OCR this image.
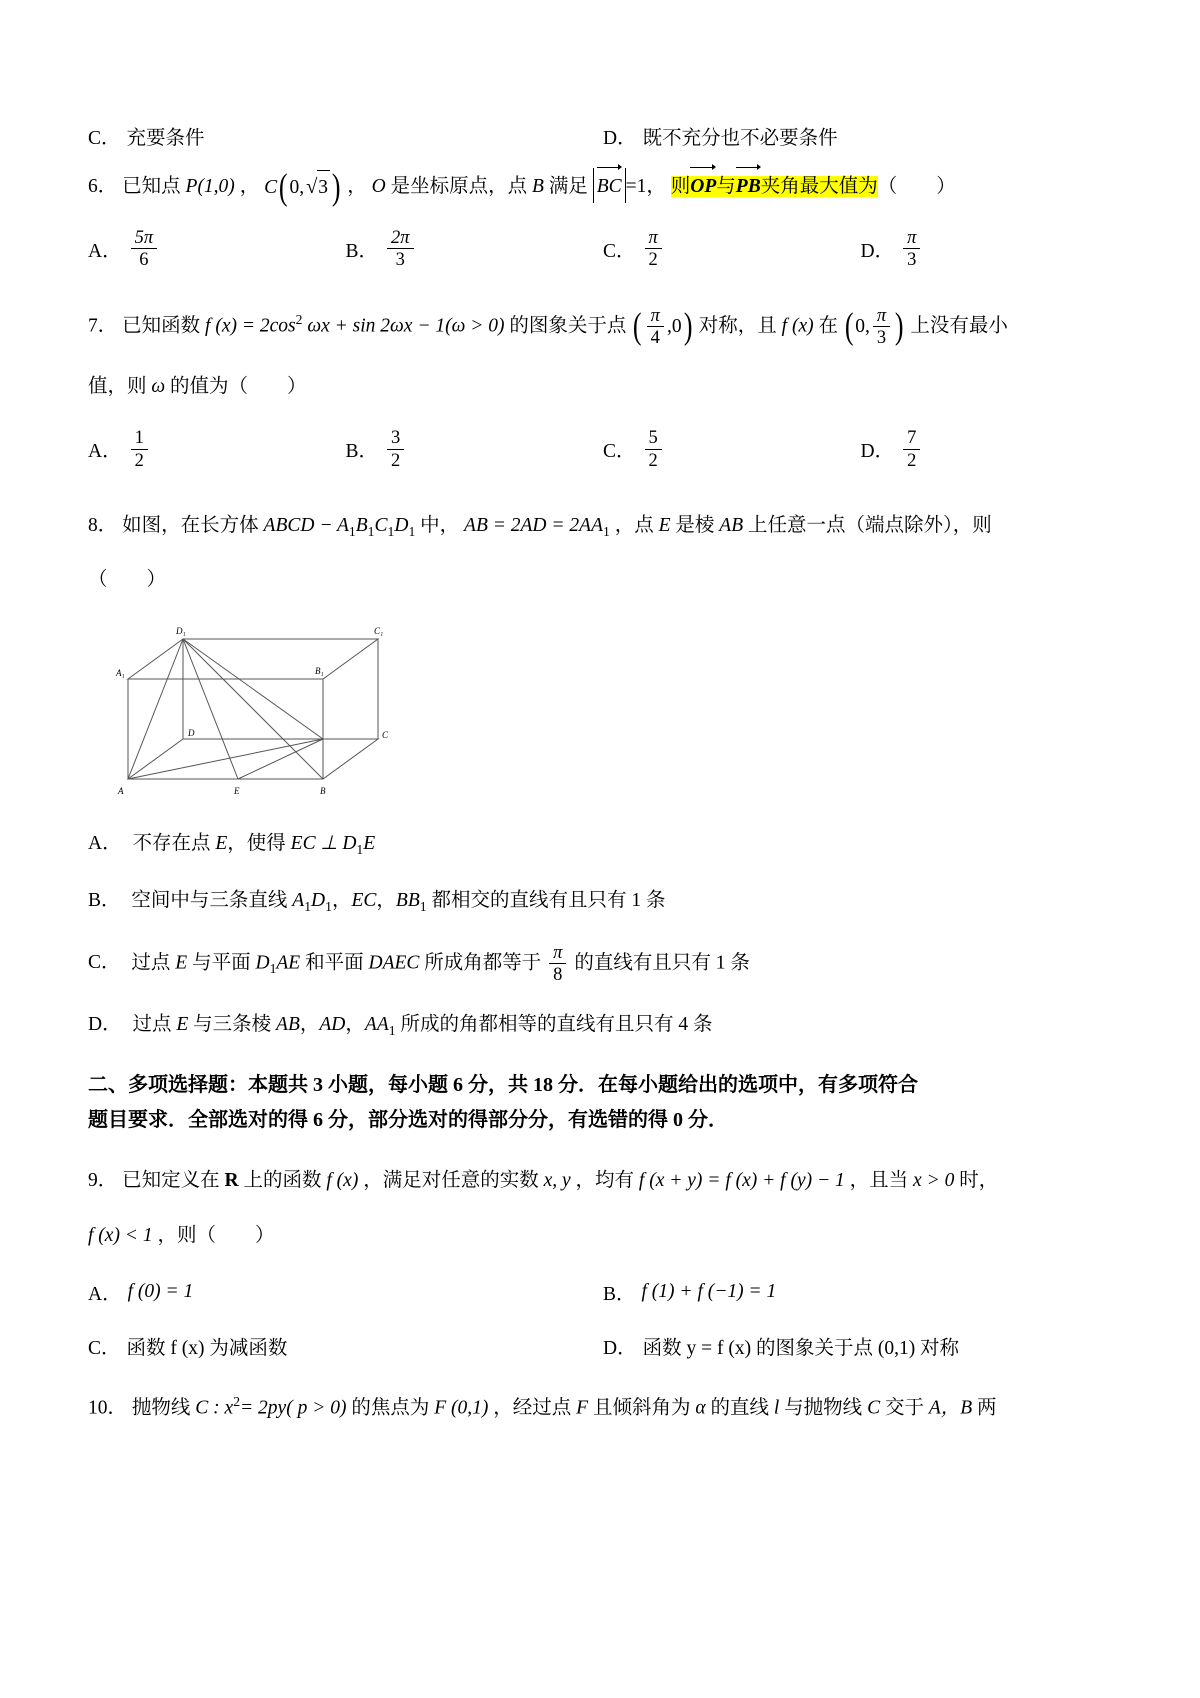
C． 充要条件	D． 既不充分也不必要条件
6． 已知点 P(1,0) ， C ( 0, √3 ) ， O 是坐标原点，点 B 满足 BC =1， 则
OP与
PB夹角最大值为（　　）
A． $\frac{5\pi}{6}$	B． $\frac{2\pi}{3}$	C． $\frac{\pi}{2}$	D． $\frac{\pi}{3}$
7． 已知函数 f $(x) = 2\cos^2$ ωx + sin 2ωx − 1(ω > 0) 的图象关于点 ( $\frac{\pi}{4} ,0$ ) 对称，且 f (x) 在 ( 0, $\frac{\pi}{3}$ ) 上没有最小
值，则 ω 的值为（　　）
A． $\frac{1}{2}$	B． $\frac{3}{2}$	C． $\frac{5}{2}$	D． $\frac{7}{2}$
8． 如图，在长方体 ABCD − $A_1B_1C_1D_1$ 中， AB = $2AD = 2AA_1$ ，点 E 是棱 AB 上任意一点（端点除外），则
（　　）
D₁	C₁
A₁	B₁
D	C
A	E	B
A． 不存在点 E，使得 EC ⊥ $D_1E$
B． 空间中与三条直线 $A_1D_1$，EC，$BB_1$ 都相交的直线有且只有 1 条
C． 过点 E 与平面 $D_1AE$ 和平面 DAEC 所成角都等于 $\frac{\pi}{8}$ 的直线有且只有 1 条
D． 过点 E 与三条棱 AB，AD，$AA_1$ 所成的角都相等的直线有且只有 4 条
二、多项选择题：本题共 3 小题，每小题 6 分，共 18 分．在每小题给出的选项中，有多项符合
题目要求．全部选对的得 6 分，部分选对的得部分分，有选错的得 0 分．
9． 已知定义在 R 上的函数 f (x) ，满足对任意的实数 x, y ，均有 f (x + y) = f (x) + f (y) − 1 ，且当 x > 0 时，
f (x) < 1 ，则（　　）
A． f (0) = 1	B． f (1) + f (−1) = 1
C． 函数 f (x) 为减函数	D． 函数 y = f (x) 的图象关于点 (0,1) 对称
10． 抛物线 C : $x^2= 2py$( p > 0) 的焦点为 F (0,1) ，经过点 F 且倾斜角为 α 的直线 l 与抛物线 C 交于 A，B 两
